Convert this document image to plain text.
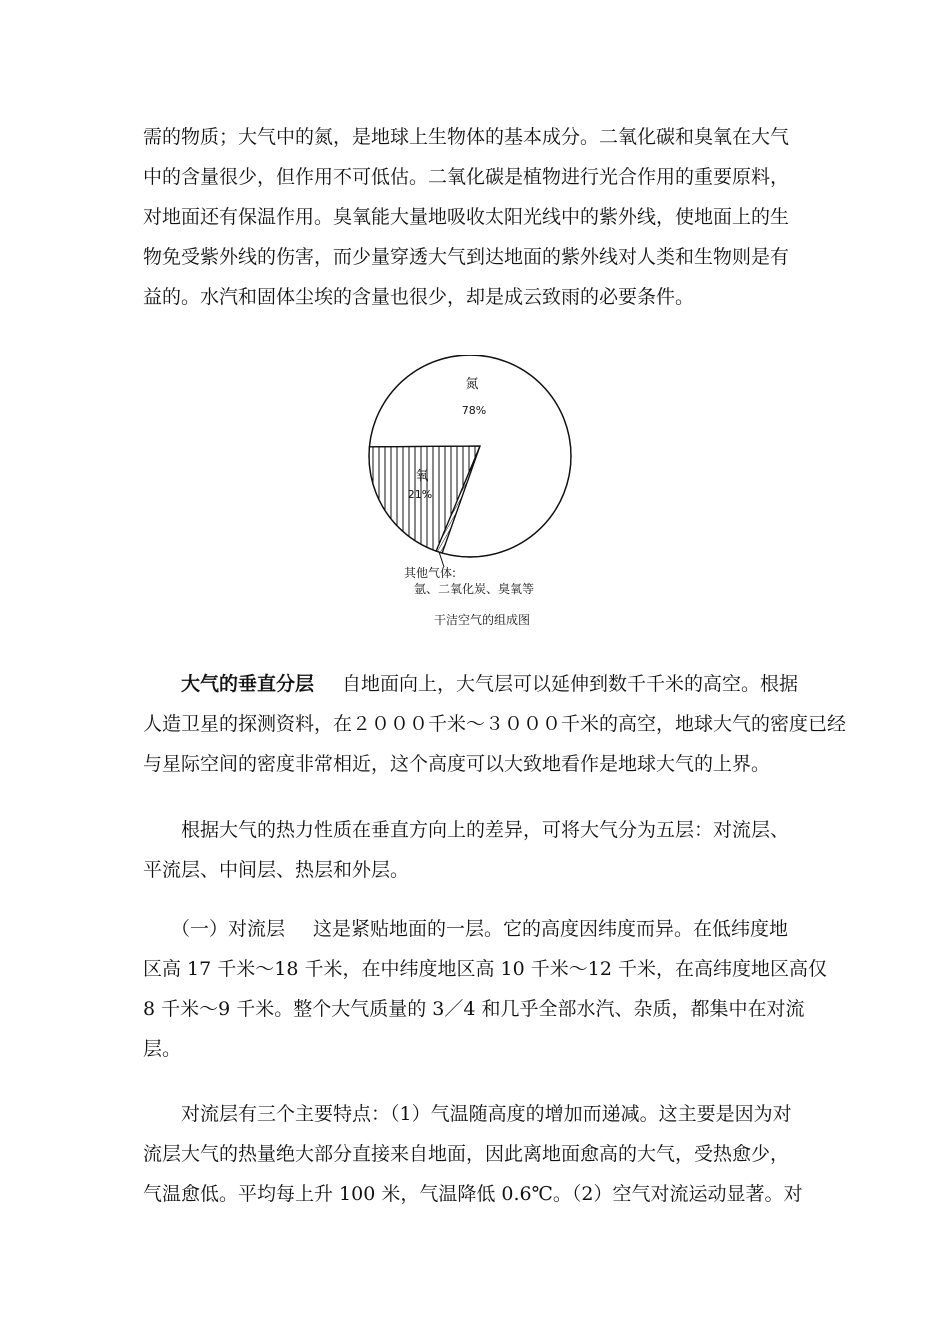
需的物质；大气中的氮，是地球上生物体的基本成分。二氧化碳和臭氧在大气
中的含量很少，但作用不可低估。二氧化碳是植物进行光合作用的重要原料，
对地面还有保温作用。臭氧能大量地吸收太阳光线中的紫外线，使地面上的生
物免受紫外线的伤害，而少量穿透大气到达地面的紫外线对人类和生物则是有
益的。水汽和固体尘埃的含量也很少，却是成云致雨的必要条件。
氮
78%
氧
21%
其他气体:
氩、二氧化炭、臭氧等
干洁空气的组成图
大气的垂直分层 自地面向上，大气层可以延伸到数千千米的高空。根据
人造卫星的探测资料，在２０００千米～３０００千米的高空，地球大气的密度已经
与星际空间的密度非常相近，这个高度可以大致地看作是地球大气的上界。
根据大气的热力性质在垂直方向上的差异，可将大气分为五层：对流层、
平流层、中间层、热层和外层。
（一）对流层 这是紧贴地面的一层。它的高度因纬度而异。在低纬度地
区高 17 千米～18 千米，在中纬度地区高 10 千米～12 千米，在高纬度地区高仅
8 千米～9 千米。整个大气质量的 3／4 和几乎全部水汽、杂质，都集中在对流
层。
对流层有三个主要特点：（1）气温随高度的增加而递减。这主要是因为对
流层大气的热量绝大部分直接来自地面，因此离地面愈高的大气，受热愈少，
气温愈低。平均每上升 100 米，气温降低 0.6℃。（2）空气对流运动显著。对
